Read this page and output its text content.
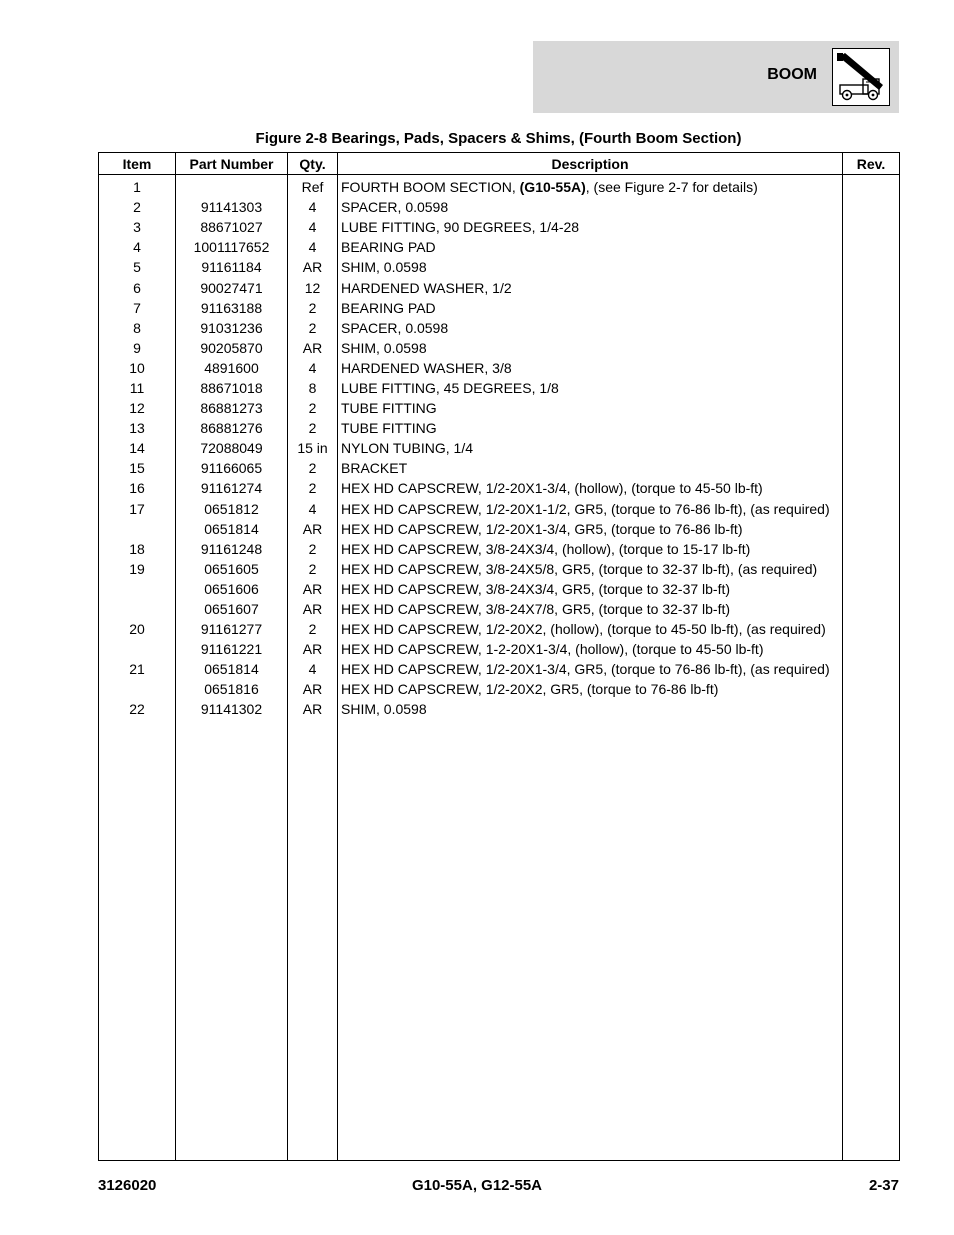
BOOM
Figure 2-8 Bearings, Pads, Spacers & Shims, (Fourth Boom Section)
Item	Part Number	Qty.	Description	Rev.
1		Ref	FOURTH BOOM SECTION, (G10-55A), (see Figure 2-7 for details)	
2	91141303	4	SPACER, 0.0598	
3	88671027	4	LUBE FITTING, 90 DEGREES, 1/4-28	
4	1001117652	4	BEARING PAD	
5	91161184	AR	SHIM, 0.0598	
6	90027471	12	HARDENED WASHER, 1/2	
7	91163188	2	BEARING PAD	
8	91031236	2	SPACER, 0.0598	
9	90205870	AR	SHIM, 0.0598	
10	4891600	4	HARDENED WASHER, 3/8	
11	88671018	8	LUBE FITTING, 45 DEGREES, 1/8	
12	86881273	2	TUBE FITTING	
13	86881276	2	TUBE FITTING	
14	72088049	15 in	NYLON TUBING, 1/4	
15	91166065	2	BRACKET	
16	91161274	2	HEX HD CAPSCREW, 1/2-20X1-3/4, (hollow), (torque to 45-50 lb-ft)	
17	0651812	4	HEX HD CAPSCREW, 1/2-20X1-1/2, GR5, (torque to 76-86 lb-ft), (as required)	
	0651814	AR	HEX HD CAPSCREW, 1/2-20X1-3/4, GR5, (torque to 76-86 lb-ft)	
18	91161248	2	HEX HD CAPSCREW, 3/8-24X3/4, (hollow), (torque to 15-17 lb-ft)	
19	0651605	2	HEX HD CAPSCREW, 3/8-24X5/8, GR5, (torque to 32-37 lb-ft), (as required)	
	0651606	AR	HEX HD CAPSCREW, 3/8-24X3/4, GR5, (torque to 32-37 lb-ft)	
	0651607	AR	HEX HD CAPSCREW, 3/8-24X7/8, GR5, (torque to 32-37 lb-ft)	
20	91161277	2	HEX HD CAPSCREW, 1/2-20X2, (hollow), (torque to 45-50 lb-ft), (as required)	
	91161221	AR	HEX HD CAPSCREW, 1-2-20X1-3/4, (hollow), (torque to 45-50 lb-ft)	
21	0651814	4	HEX HD CAPSCREW, 1/2-20X1-3/4, GR5, (torque to 76-86 lb-ft), (as required)	
	0651816	AR	HEX HD CAPSCREW, 1/2-20X2, GR5, (torque to 76-86 lb-ft)	
22	91141302	AR	SHIM, 0.0598	

3126020	G10-55A, G12-55A	2-37
